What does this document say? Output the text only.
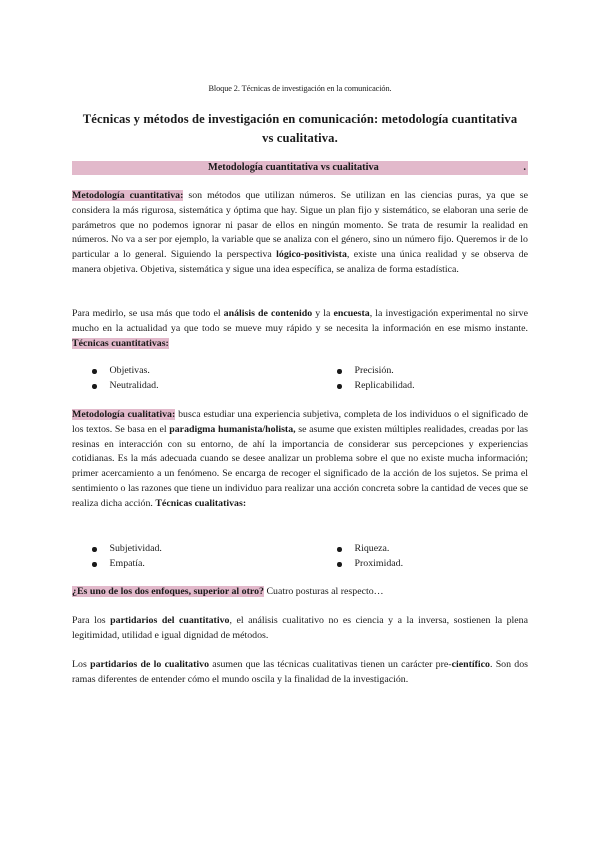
Bloque 2. Técnicas de investigación en la comunicación.
Técnicas y métodos de investigación en comunicación: metodología cuantitativa vs cualitativa.
Metodología cuantitativa vs cualitativa	.
Metodología cuantitativa: son métodos que utilizan números. Se utilizan en las ciencias puras, ya que se considera la más rigurosa, sistemática y óptima que hay. Sigue un plan fijo y sistemático, se elaboran una serie de parámetros que no podemos ignorar ni pasar de ellos en ningún momento. Se trata de resumir la realidad en números. No va a ser por ejemplo, la variable que se analiza con el género, sino un número fijo. Queremos ir de lo particular a lo general. Siguiendo la perspectiva lógico-positivista, existe una única realidad y se observa de manera objetiva. Objetiva, sistemática y sigue una idea específica, se analiza de forma estadística.
Para medirlo, se usa más que todo el análisis de contenido y la encuesta, la investigación experimental no sirve mucho en la actualidad ya que todo se mueve muy rápido y se necesita la información en ese mismo instante. Técnicas cuantitativas:
Objetivas.
Neutralidad.
Precisión.
Replicabilidad.
Metodología cualitativa: busca estudiar una experiencia subjetiva, completa de los individuos o el significado de los textos. Se basa en el paradigma humanista/holista, se asume que existen múltiples realidades, creadas por las resinas en interacción con su entorno, de ahí la importancia de considerar sus percepciones y experiencias cotidianas. Es la más adecuada cuando se desee analizar un problema sobre el que no existe mucha información; primer acercamiento a un fenómeno. Se encarga de recoger el significado de la acción de los sujetos. Se prima el sentimiento o las razones que tiene un individuo para realizar una acción concreta sobre la cantidad de veces que se realiza dicha acción. Técnicas cualitativas:
Subjetividad.
Empatía.
Riqueza.
Proximidad.
¿Es uno de los dos enfoques, superior al otro? Cuatro posturas al respecto…
Para los partidarios del cuantitativo, el análisis cualitativo no es ciencia y a la inversa, sostienen la plena legitimidad, utilidad e igual dignidad de métodos.
Los partidarios de lo cualitativo asumen que las técnicas cualitativas tienen un carácter pre-científico. Son dos ramas diferentes de entender cómo el mundo oscila y la finalidad de la investigación.
